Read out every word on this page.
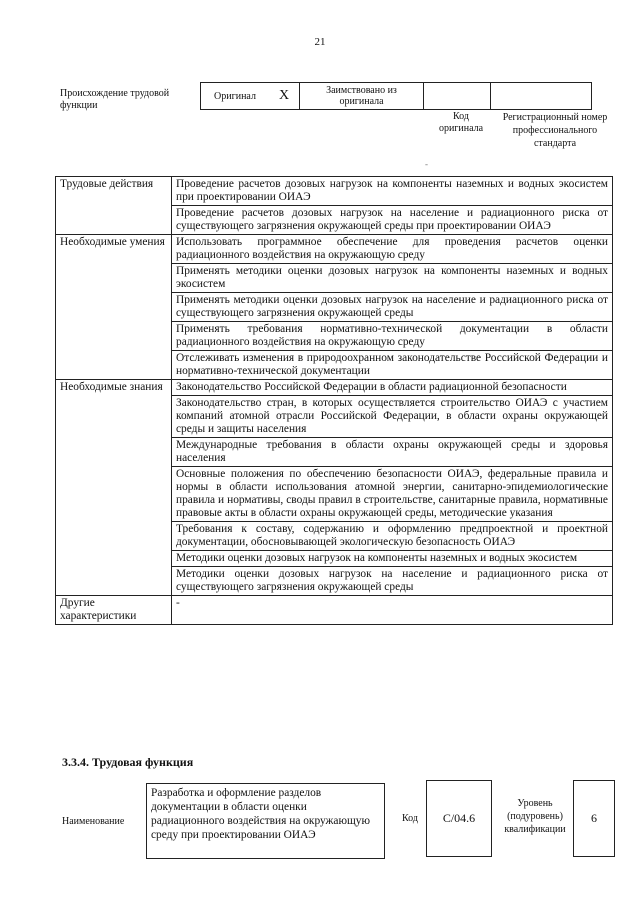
21
Происхождение трудовой функции
Оригинал	X	Заимствовано из оригинала		
Код оригинала
Регистрационный номер профессионального стандарта
-
Трудовые действия	Проведение расчетов дозовых нагрузок на компоненты наземных и водных экосистем при проектировании ОИАЭ
	Проведение расчетов дозовых нагрузок на население и радиационного риска от существующего загрязнения окружающей среды при проектировании ОИАЭ
Необходимые умения	Использовать программное обеспечение для проведения расчетов оценки радиационного воздействия на окружающую среду
	Применять методики оценки дозовых нагрузок на компоненты наземных и водных экосистем
	Применять методики оценки дозовых нагрузок на население и радиационного риска от существующего загрязнения окружающей среды
	Применять требования нормативно-технической документации в области радиационного воздействия на окружающую среду
	Отслеживать изменения в природоохранном законодательстве Российской Федерации и нормативно-технической документации
Необходимые знания	Законодательство Российской Федерации в области радиационной безопасности
	Законодательство стран, в которых осуществляется строительство ОИАЭ с участием компаний атомной отрасли Российской Федерации, в области охраны окружающей среды и защиты населения
	Международные требования в области охраны окружающей среды и здоровья населения
	Основные положения по обеспечению безопасности ОИАЭ, федеральные правила и нормы в области использования атомной энергии, санитарно-эпидемиологические правила и нормативы, своды правил в строительстве, санитарные правила, нормативные правовые акты в области охраны окружающей среды, методические указания
	Требования к составу, содержанию и оформлению предпроектной и проектной документации, обосновывающей экологическую безопасность ОИАЭ
	Методики оценки дозовых нагрузок на компоненты наземных и водных экосистем
	Методики оценки дозовых нагрузок на население и радиационного риска от существующего загрязнения окружающей среды
Другие характеристики	-
3.3.4. Трудовая функция
Наименование
Разработка и оформление разделов документации в области оценки радиационного воздействия на окружающую среду при проектировании ОИАЭ
Код	С/04.6
Уровень (подуровень) квалификации
6
